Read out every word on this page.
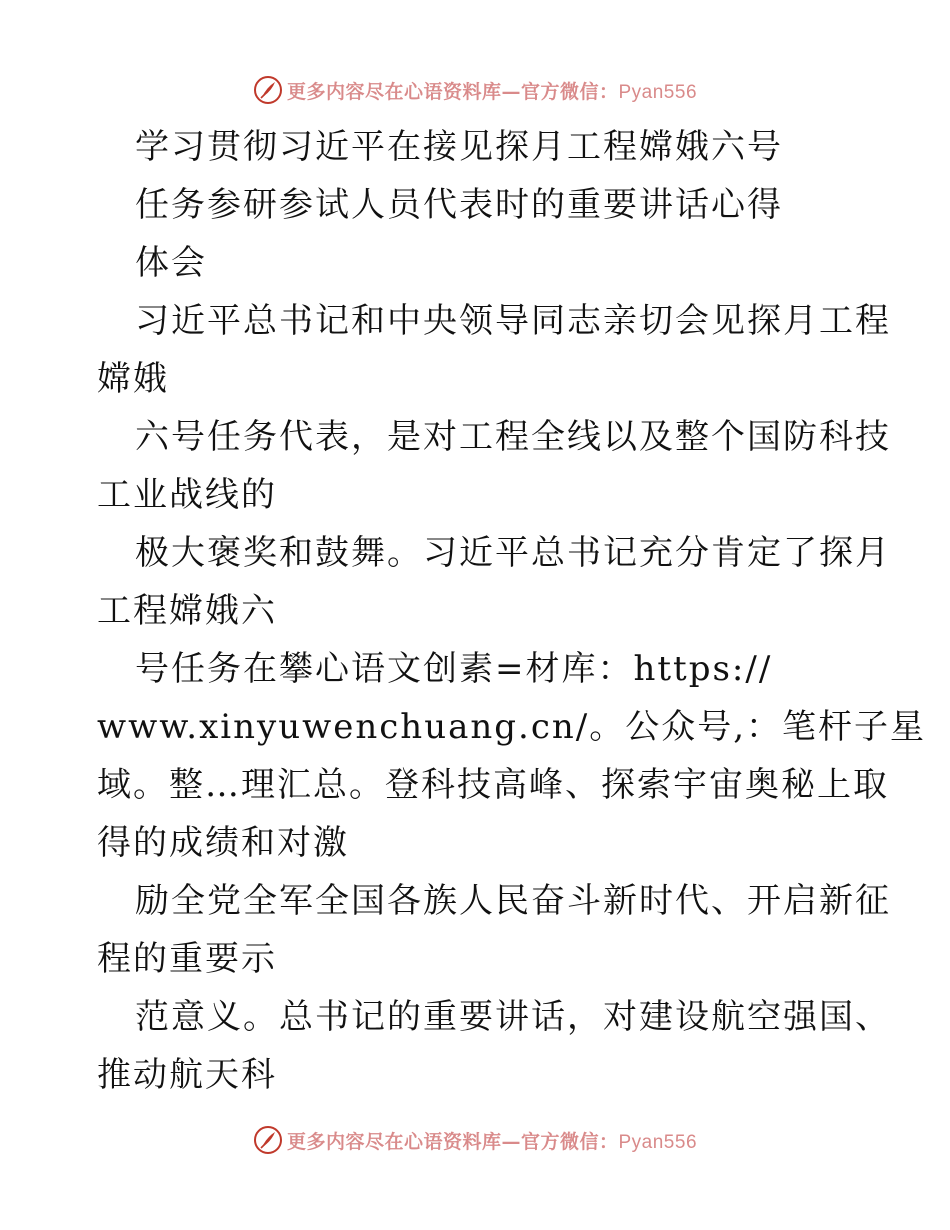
更多内容尽在心语资料库—官方微信：Pyan556
学习贯彻习近平在接见探月工程嫦娥六号
任务参研参试人员代表时的重要讲话心得
体会
习近平总书记和中央领导同志亲切会见探月工程
嫦娥
六号任务代表，是对工程全线以及整个国防科技
工业战线的
极大褒奖和鼓舞。习近平总书记充分肯定了探月
工程嫦娥六
号任务在攀心语文创素=材库：https://
www.xinyuwenchuang.cn/。公众号,：笔杆子星
域。整…理汇总。登科技高峰、探索宇宙奥秘上取
得的成绩和对激
励全党全军全国各族人民奋斗新时代、开启新征
程的重要示
范意义。总书记的重要讲话，对建设航空强国、
推动航天科
更多内容尽在心语资料库—官方微信：Pyan556
